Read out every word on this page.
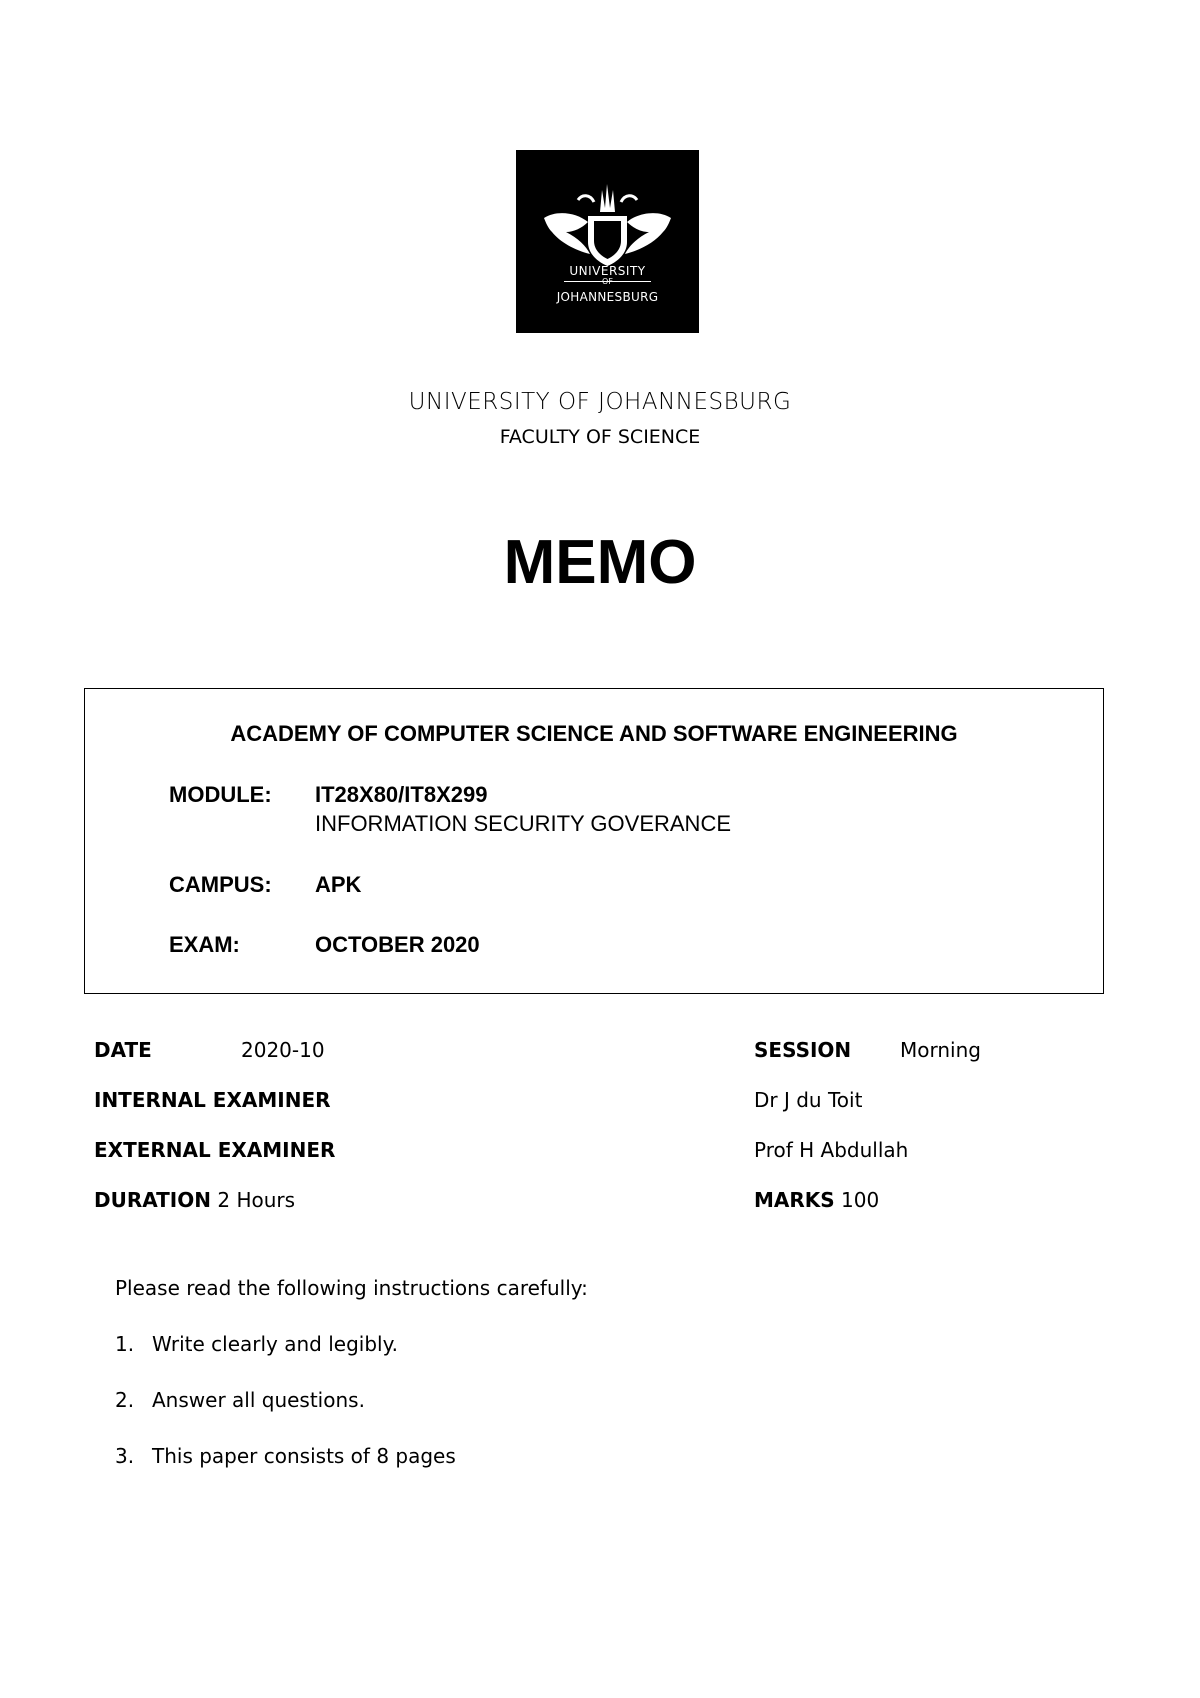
UNIVERSITY
OF
JOHANNESBURG
UNIVERSITY OF JOHANNESBURG
FACULTY OF SCIENCE
MEMO
ACADEMY OF COMPUTER SCIENCE AND SOFTWARE ENGINEERING
MODULE: IT28X80/IT8X299
INFORMATION SECURITY GOVERANCE
CAMPUS: APK
EXAM:	OCTOBER 2020
DATE	2020-10	SESSION Morning
INTERNAL EXAMINER	Dr J du Toit
EXTERNAL EXAMINER	Prof H Abdullah
DURATION 2 Hours	MARKS 100
Please read the following instructions carefully:
1. Write clearly and legibly.
2. Answer all questions.
3. This paper consists of 8 pages
